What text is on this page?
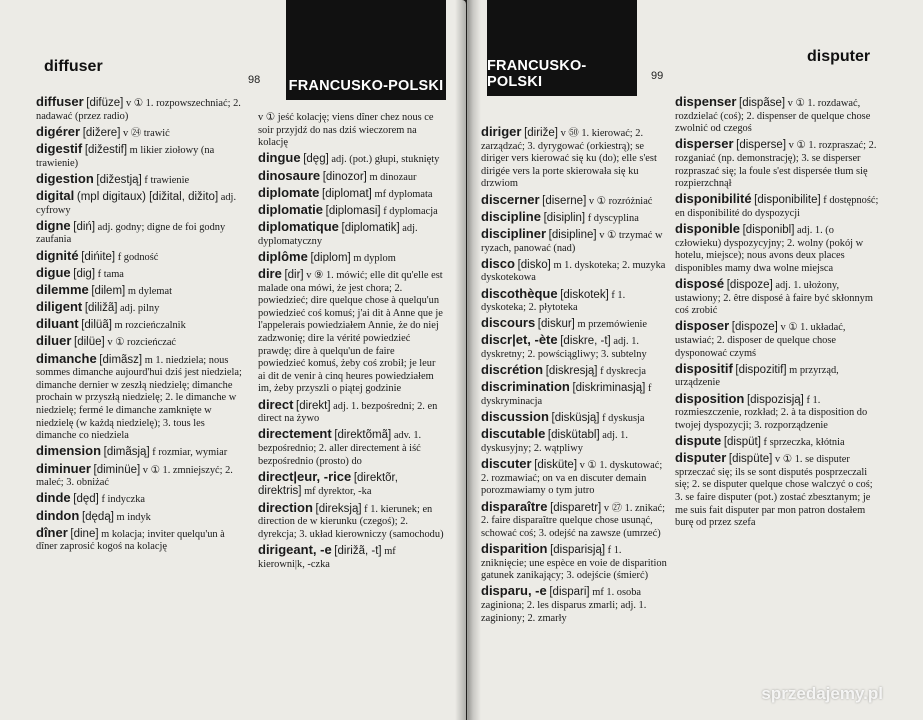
diffuser
98 FRANCUSKO-POLSKI
diffuser [difüze] v ① 1. rozpowszechniać; 2. nadawać (przez radio)
digérer [dižere] v ㉔ trawić
digestif [dižestif] m likier ziołowy (na trawienie)
digestion [dižestją] f trawienie
digital (mpl digitaux) [dižital, dižito] adj. cyfrowy
digne [diń] adj. godny; digne de foi godny zaufania
dignité [dińite] f godność
digue [dig] f tama
dilemme [dilem] m dylemat
diligent [diližã] adj. pilny
diluant [dilüã] m rozcieńczalnik
diluer [dilüe] v ① rozcieńczać
dimanche [dimãsz] m 1. niedziela; nous sommes dimanche aujourd'hui dziś jest niedziela; dimanche dernier w zeszłą niedzielę; dimanche prochain w przyszłą niedzielę; 2. le dimanche w niedzielę; fermé le dimanche zamknięte w niedzielę (w każdą niedzielę); 3. tous les dimanche co niedziela
dimension [dimãsją] f rozmiar, wymiar
diminuer [diminüe] v ① 1. zmniejszyć; 2. maleć; 3. obniżać
dinde [dęd] f indyczka
dindon [dędą] m indyk
dîner [dine] m kolacja; inviter quelqu'un à dîner zaprosić kogoś na kolację
v ① jeść kolację; viens dîner chez nous ce soir przyjdź do nas dziś wieczorem na kolację
dingue [dęg] adj. (pot.) głupi, stuknięty
dinosaure [dinozor] m dinozaur
diplomate [diplomat] mf dyplomata
diplomatie [diplomasi] f dyplomacja
diplomatique [diplomatik] adj. dyplomatyczny
diplôme [diplom] m dyplom
dire [dir] v ⑨ 1. mówić; elle dit qu'elle est malade ona mówi, że jest chora; 2. powiedzieć; dire quelque chose à quelqu'un powiedzieć coś komuś; j'ai dit à Anne que je l'appelerais powiedziałem Annie, że do niej zadzwonię; dire la vérité powiedzieć prawdę; dire à quelqu'un de faire powiedzieć komuś, żeby coś zrobił; je leur ai dit de venir à cinq heures powiedziałem im, żeby przyszli o piątej godzinie
direct [direkt] adj. 1. bezpośredni; 2. en direct na żywo
directement [direktõmã] adv. 1. bezpośrednio; 2. aller directement à iść bezpośrednio (prosto) do
direct|eur, -rice [direktõr, direktris] mf dyrektor, -ka
direction [direksją] f 1. kierunek; en direction de w kierunku (czegoś); 2. dyrekcja; 3. układ kierowniczy (samochodu)
dirigeant, -e [dirižã, -t] mf kierowni|k, -czka
FRANCUSKO-POLSKI	99
disputer
diriger [dirižе] v ㊿ 1. kierować; 2. zarządzać; 3. dyrygować (orkiestrą); se diriger vers kierować się ku (do); elle s'est dirigée vers la porte skierowała się ku drzwiom
discerner [diserne] v ① rozróżniać
discipline [disiplin] f dyscyplina
discipliner [disipline] v ① trzymać w ryzach, panować (nad)
disco [disko] m 1. dyskoteka; 2. muzyka dyskotekowa
discothèque [diskotek] f 1. dyskoteka; 2. płytoteka
discours [diskur] m przemówienie
discr|et, -ète [diskre, -t] adj. 1. dyskretny; 2. powściągliwy; 3. subtelny
discrétion [diskresją] f dyskrecja
discrimination [diskriminasją] f dyskryminacja
discussion [disküsją] f dyskusja
discutable [diskütabl] adj. 1. dyskusyjny; 2. wątpliwy
discuter [disküte] v ① 1. dyskutować; 2. rozmawiać; on va en discuter demain porozmawiamy o tym jutro
disparaître [disparetr] v ㉗ 1. znikać; 2. faire disparaître quelque chose usunąć, schować coś; 3. odejść na zawsze (umrzeć)
disparition [disparisją] f 1. zniknięcie; une espèce en voie de disparition gatunek zanikający; 3. odejście (śmierć)
disparu, -e [dispari] mf 1. osoba zaginiona; 2. les disparus zmarli; adj. 1. zaginiony; 2. zmarły
dispenser [dispãse] v ① 1. rozdawać, rozdzielać (coś); 2. dispenser de quelque chose zwolnić od czegoś
disperser [disperse] v ① 1. rozpraszać; 2. rozganiać (np. demonstrację); 3. se disperser rozpraszać się; la foule s'est dispersée tłum się rozpierzchnął
disponibilité [disponibilite] f dostępność; en disponibilité do dyspozycji
disponible [disponibl] adj. 1. (o człowieku) dyspozycyjny; 2. wolny (pokój w hotelu, miejsce); nous avons deux places disponibles mamy dwa wolne miejsca
disposé [dispoze] adj. 1. ułożony, ustawiony; 2. être disposé à faire być skłonnym coś zrobić
disposer [dispoze] v ① 1. układać, ustawiać; 2. disposer de quelque chose dysponować czymś
dispositif [dispozitif] m przyrząd, urządzenie
disposition [dispozisją] f 1. rozmieszczenie, rozkład; 2. à ta disposition do twojej dyspozycji; 3. rozporządzenie
dispute [dispüt] f sprzeczka, kłótnia
disputer [dispüte] v ① 1. se disputer sprzeczać się; ils se sont disputés posprzeczali się; 2. se disputer quelque chose walczyć o coś; 3. se faire disputer (pot.) zostać zbesztanym; je me suis fait disputer par mon patron dostałem burę od przez szefa
sprzedajemy.pl
